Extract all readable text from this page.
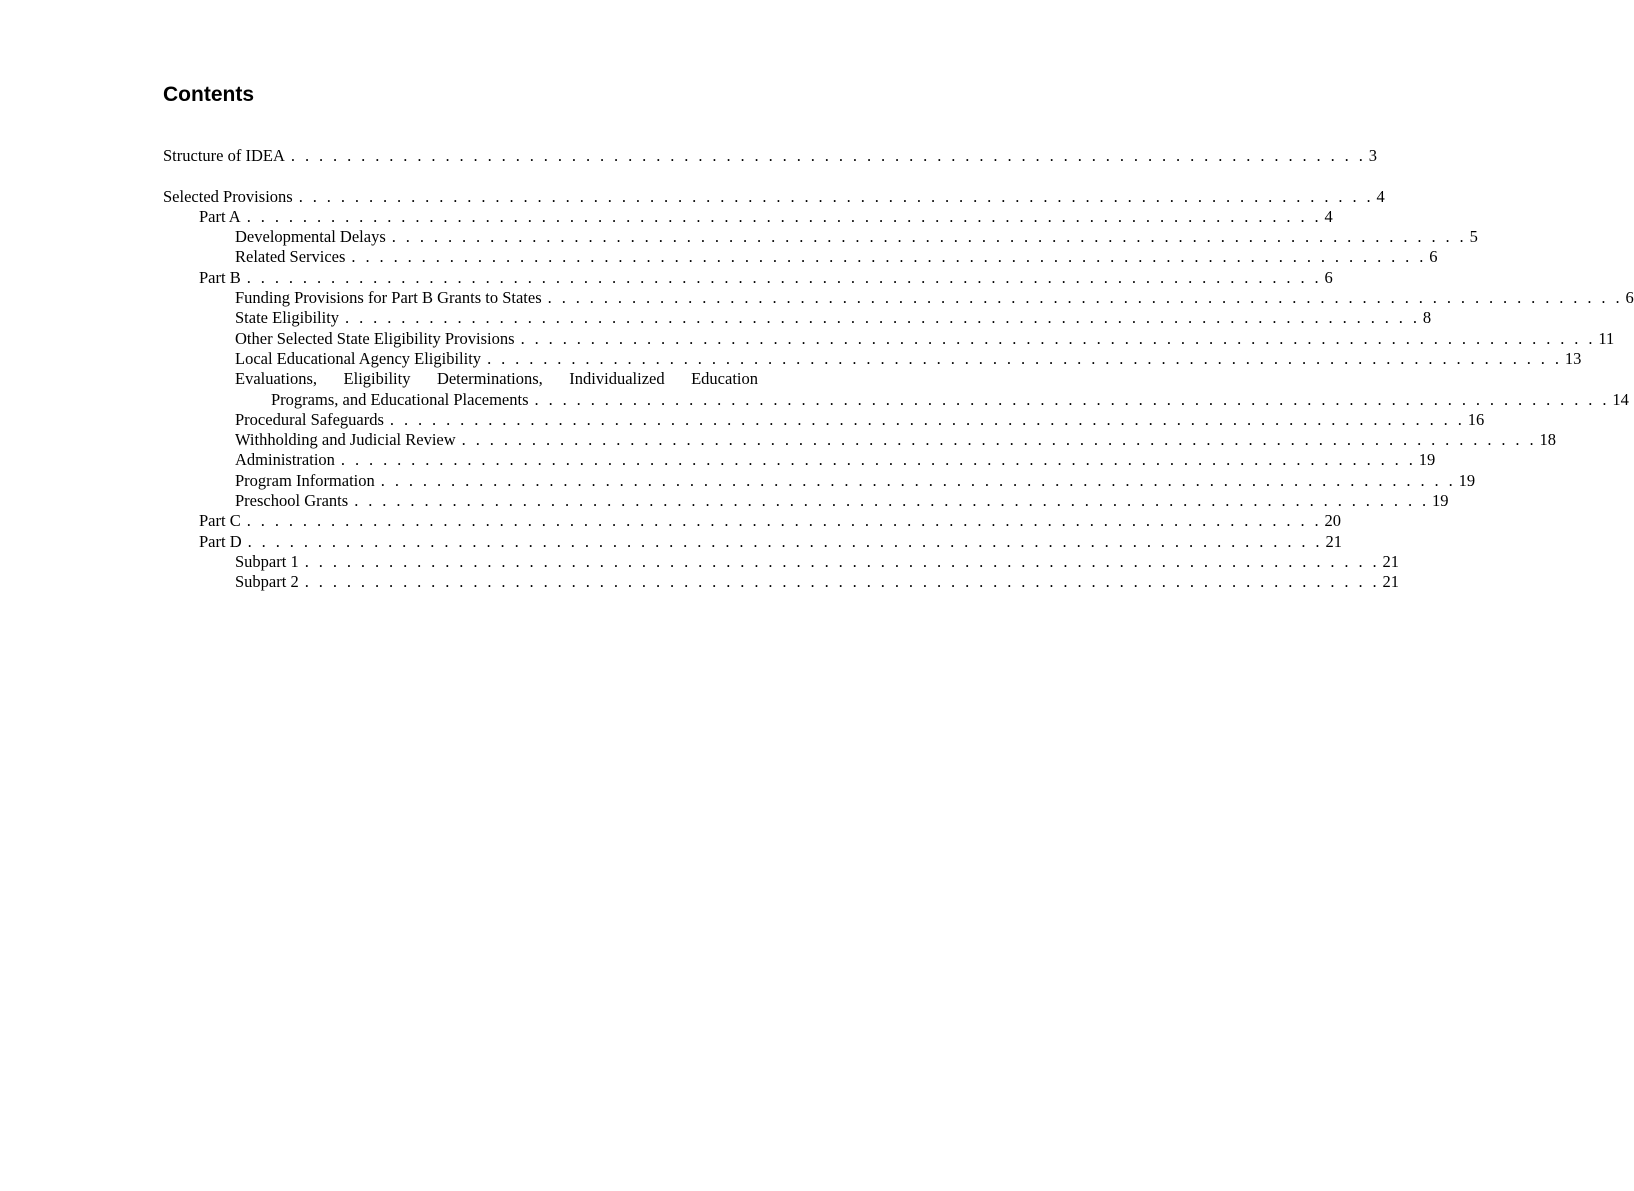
Contents
Structure of IDEA . . . . . . . . . . . . . . . . . . . . . . . . . . . . . . . . . . . . . . . . . . . . . . . . . . . . . . . . . . . . . . . . . . . . . . . . . . . . . 3
Selected Provisions . . . . . . . . . . . . . . . . . . . . . . . . . . . . . . . . . . . . . . . . . . . . . . . . . . . . . . . . . . . . . . . . . . . . . . . . . . . . . 4
Part A . . . . . . . . . . . . . . . . . . . . . . . . . . . . . . . . . . . . . . . . . . . . . . . . . . . . . . . . . . . . . . . . . . . . . . . . . . . . . 4
Developmental Delays . . . . . . . . . . . . . . . . . . . . . . . . . . . . . . . . . . . . . . . . . . . . . . . . . . . . . . . . . . . . . . . . . . . . . . . . . . . . . 5
Related Services . . . . . . . . . . . . . . . . . . . . . . . . . . . . . . . . . . . . . . . . . . . . . . . . . . . . . . . . . . . . . . . . . . . . . . . . . . . . . 6
Part B . . . . . . . . . . . . . . . . . . . . . . . . . . . . . . . . . . . . . . . . . . . . . . . . . . . . . . . . . . . . . . . . . . . . . . . . . . . . . 6
Funding Provisions for Part B Grants to States . . . . . . . . . . . . . . . . . . . . . . . . . . . . . . . . . . . . . . . . . . . . . . . . . . . . . . . . . . . . . . . . . . . . . . . . . . . . . 6
State Eligibility . . . . . . . . . . . . . . . . . . . . . . . . . . . . . . . . . . . . . . . . . . . . . . . . . . . . . . . . . . . . . . . . . . . . . . . . . . . . . 8
Other Selected State Eligibility Provisions . . . . . . . . . . . . . . . . . . . . . . . . . . . . . . . . . . . . . . . . . . . . . . . . . . . . . . . . . . . . . . . . . . . . . . . . . . . . . 11
Local Educational Agency Eligibility . . . . . . . . . . . . . . . . . . . . . . . . . . . . . . . . . . . . . . . . . . . . . . . . . . . . . . . . . . . . . . . . . . . . . . . . . . . . . 13
Evaluations, Eligibility Determinations, Individualized Education
Programs, and Educational Placements . . . . . . . . . . . . . . . . . . . . . . . . . . . . . . . . . . . . . . . . . . . . . . . . . . . . . . . . . . . . . . . . . . . . . . . . . . . . . 14
Procedural Safeguards . . . . . . . . . . . . . . . . . . . . . . . . . . . . . . . . . . . . . . . . . . . . . . . . . . . . . . . . . . . . . . . . . . . . . . . . . . . . . 16
Withholding and Judicial Review . . . . . . . . . . . . . . . . . . . . . . . . . . . . . . . . . . . . . . . . . . . . . . . . . . . . . . . . . . . . . . . . . . . . . . . . . . . . . 18
Administration . . . . . . . . . . . . . . . . . . . . . . . . . . . . . . . . . . . . . . . . . . . . . . . . . . . . . . . . . . . . . . . . . . . . . . . . . . . . . 19
Program Information . . . . . . . . . . . . . . . . . . . . . . . . . . . . . . . . . . . . . . . . . . . . . . . . . . . . . . . . . . . . . . . . . . . . . . . . . . . . . 19
Preschool Grants . . . . . . . . . . . . . . . . . . . . . . . . . . . . . . . . . . . . . . . . . . . . . . . . . . . . . . . . . . . . . . . . . . . . . . . . . . . . . 19
Part C . . . . . . . . . . . . . . . . . . . . . . . . . . . . . . . . . . . . . . . . . . . . . . . . . . . . . . . . . . . . . . . . . . . . . . . . . . . . . 20
Part D . . . . . . . . . . . . . . . . . . . . . . . . . . . . . . . . . . . . . . . . . . . . . . . . . . . . . . . . . . . . . . . . . . . . . . . . . . . . . 21
Subpart 1 . . . . . . . . . . . . . . . . . . . . . . . . . . . . . . . . . . . . . . . . . . . . . . . . . . . . . . . . . . . . . . . . . . . . . . . . . . . . . 21
Subpart 2 . . . . . . . . . . . . . . . . . . . . . . . . . . . . . . . . . . . . . . . . . . . . . . . . . . . . . . . . . . . . . . . . . . . . . . . . . . . . . 21
